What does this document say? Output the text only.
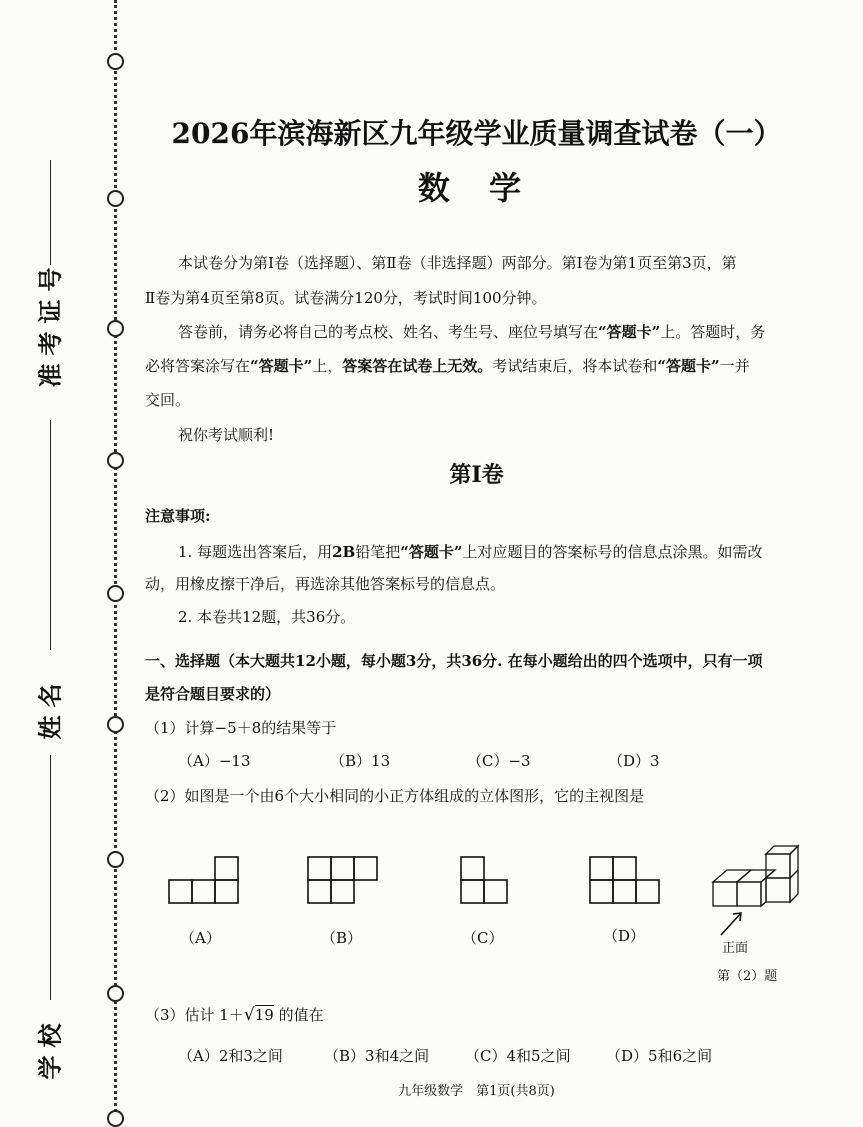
准考证号
姓名
学校
2026年滨海新区九年级学业质量调查试卷（一）
数 学
本试卷分为第Ⅰ卷（选择题）、第Ⅱ卷（非选择题）两部分。第Ⅰ卷为第1页至第3页，第
Ⅱ卷为第4页至第8页。试卷满分120分，考试时间100分钟。
答卷前，请务必将自己的考点校、姓名、考生号、座位号填写在“答题卡”上。答题时，务
必将答案涂写在“答题卡”上，答案答在试卷上无效。考试结束后，将本试卷和“答题卡”一并
交回。
祝你考试顺利!
第Ⅰ卷
注意事项:
1. 每题选出答案后，用2B铅笔把“答题卡”上对应题目的答案标号的信息点涂黑。如需改
动，用橡皮擦干净后，再选涂其他答案标号的信息点。
2. 本卷共12题，共36分。
一、选择题（本大题共12小题，每小题3分，共36分. 在每小题给出的四个选项中，只有一项
是符合题目要求的）
（1）计算−5＋8的结果等于
（A）−13	（B）13	（C）−3	（D）3
（2）如图是一个由6个大小相同的小正方体组成的立体图形，它的主视图是
（A）	（B）	（C）	（D）
正面
第（2）题
（3）估计 1＋√19 的值在
（A）2和3之间	（B）3和4之间 （C）4和5之间 （D）5和6之间
九年级数学　第1页(共8页)
